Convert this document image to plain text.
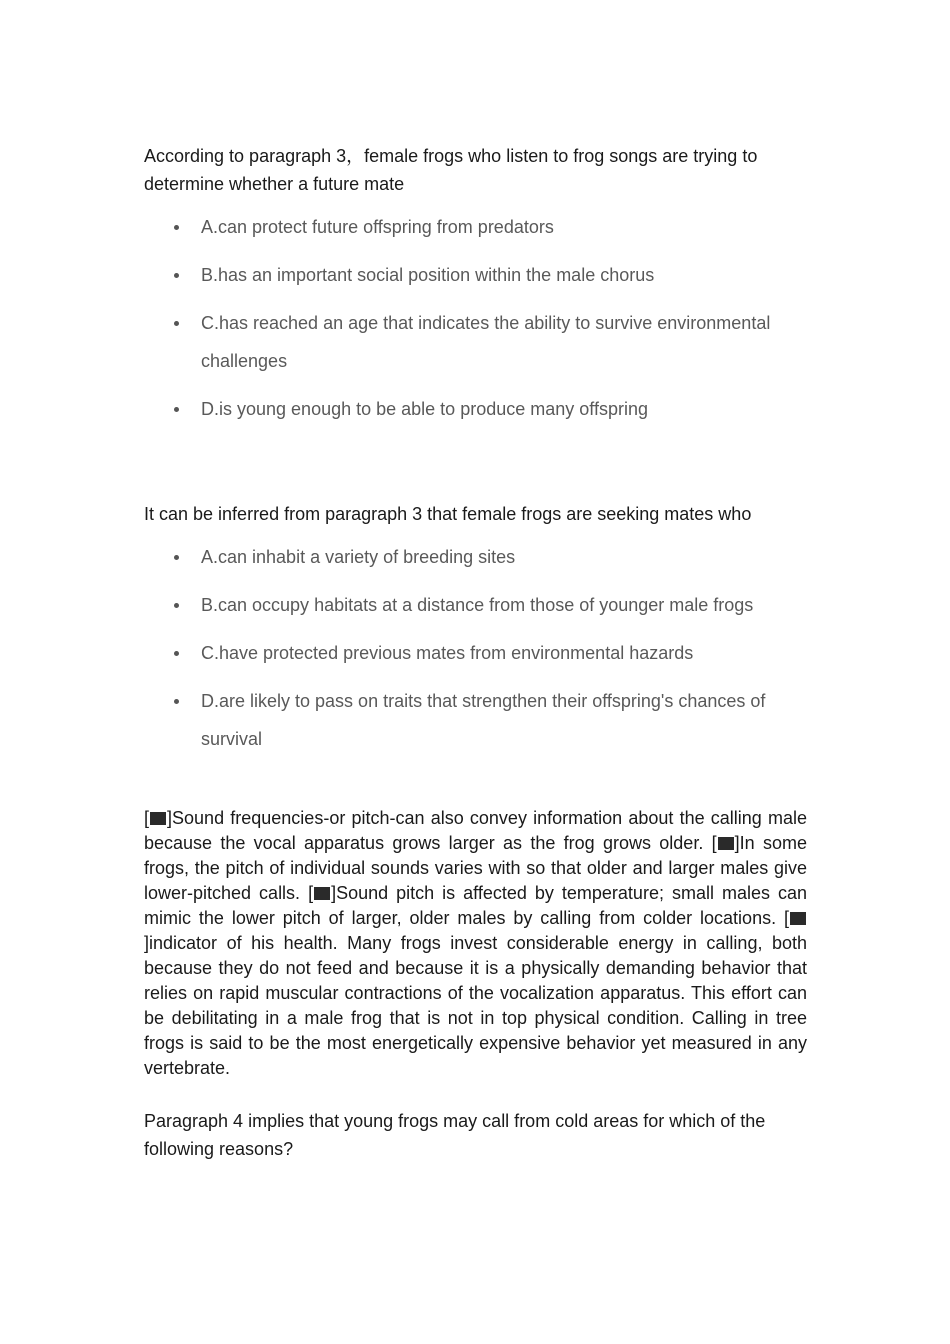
According to paragraph 3，female frogs who listen to frog songs are trying to determine whether a future mate

A.can protect future offspring from predators
B.has an important social position within the male chorus
C.has reached an age that indicates the ability to survive environmental challenges
D.is young enough to be able to produce many offspring

It can be inferred from paragraph 3 that female frogs are seeking mates who

A.can inhabit a variety of breeding sites
B.can occupy habitats at a distance from those of younger male frogs
C.have protected previous mates from environmental hazards
D.are likely to pass on traits that strengthen their offspring's chances of survival

[ ]Sound frequencies-or pitch-can also convey information about the calling male because the vocal apparatus grows larger as the frog grows older. [ ]In some frogs, the pitch of individual sounds varies with so that older and larger males give lower-pitched calls. [ ]Sound pitch is affected by temperature; small males can mimic the lower pitch of larger, older males by calling from colder locations. []indicator of his health. Many frogs invest considerable energy in calling, both because they do not feed and because it is a physically demanding behavior that relies on rapid muscular contractions of the vocalization apparatus. This effort can be debilitating in a male frog that is not in top physical condition. Calling in tree frogs is said to be the most energetically expensive behavior yet measured in any vertebrate.

Paragraph 4 implies that young frogs may call from cold areas for which of the following reasons?
